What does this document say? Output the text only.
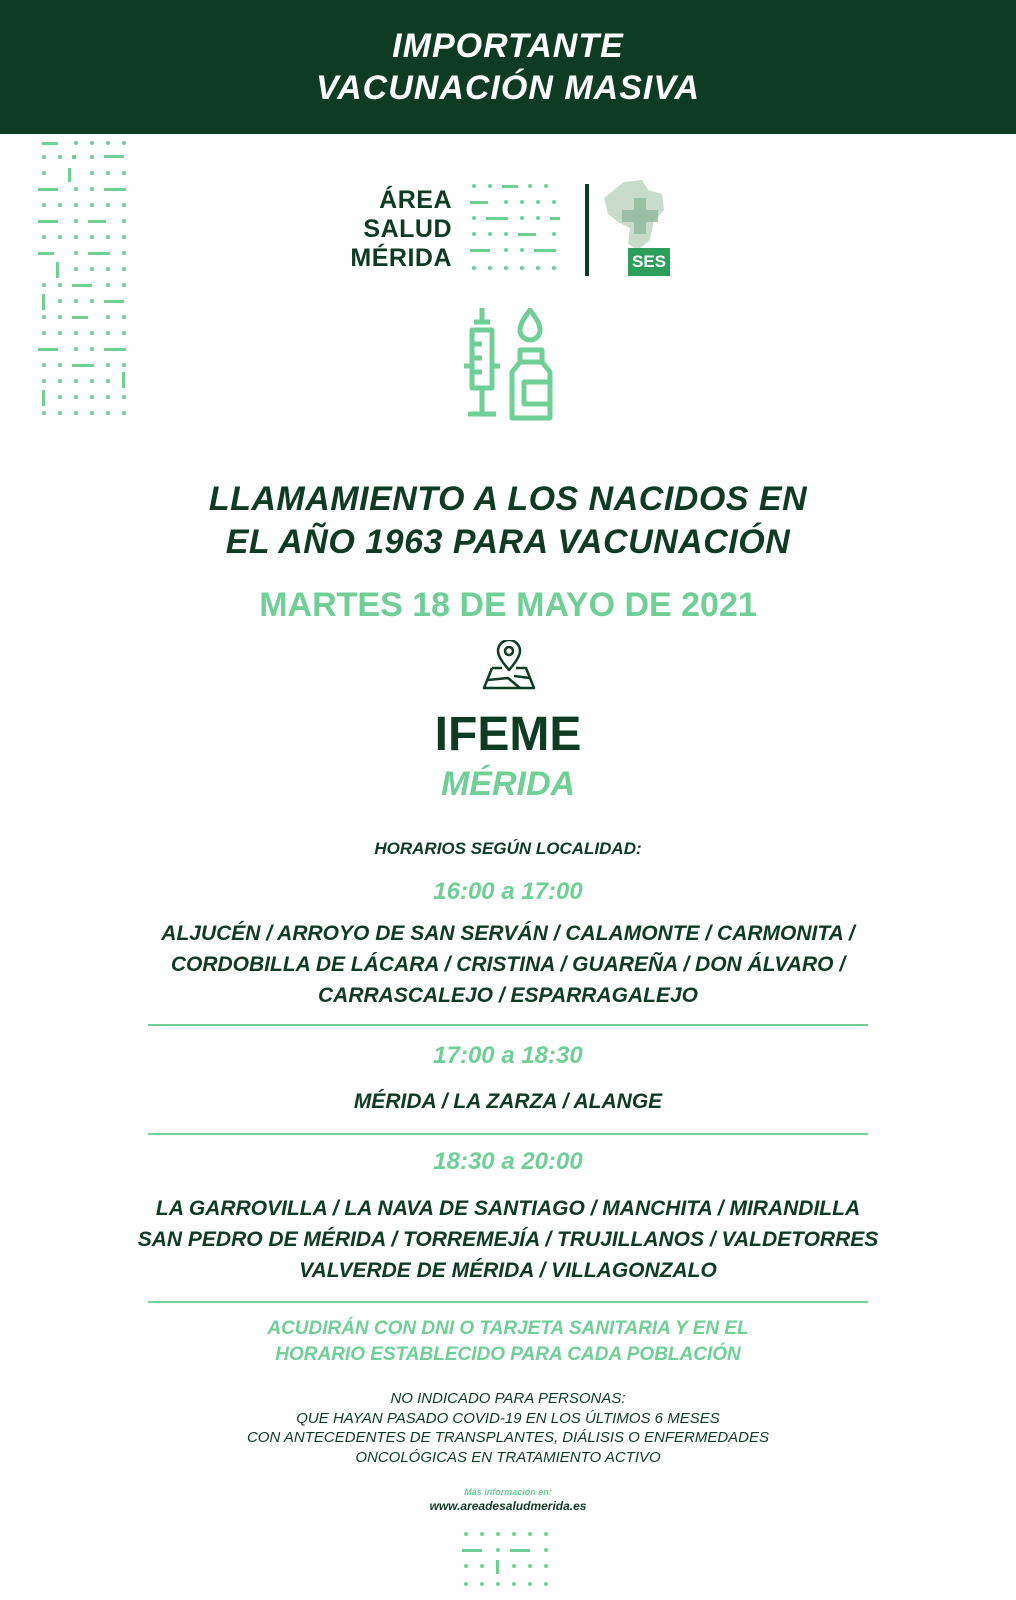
IMPORTANTE
VACUNACIÓN MASIVA
ÁREA
SALUD
MÉRIDA	SES
LLAMAMIENTO A LOS NACIDOS EN
EL AÑO 1963 PARA VACUNACIÓN
MARTES 18 DE MAYO DE 2021
IFEME
MÉRIDA
HORARIOS SEGÚN LOCALIDAD:
16:00 a 17:00
ALJUCÉN / ARROYO DE SAN SERVÁN / CALAMONTE / CARMONITA /
CORDOBILLA DE LÁCARA / CRISTINA / GUAREÑA / DON ÁLVARO /
CARRASCALEJO / ESPARRAGALEJO
17:00 a 18:30
MÉRIDA / LA ZARZA / ALANGE
18:30 a 20:00
LA GARROVILLA / LA NAVA DE SANTIAGO / MANCHITA / MIRANDILLA
SAN PEDRO DE MÉRIDA / TORREMEJÍA / TRUJILLANOS / VALDETORRES
VALVERDE DE MÉRIDA / VILLAGONZALO
ACUDIRÁN CON DNI O TARJETA SANITARIA Y EN EL
HORARIO ESTABLECIDO PARA CADA POBLACIÓN
NO INDICADO PARA PERSONAS:
QUE HAYAN PASADO COVID-19 EN LOS ÚLTIMOS 6 MESES
CON ANTECEDENTES DE TRANSPLANTES, DIÁLISIS O ENFERMEDADES
ONCOLÓGICAS EN TRATAMIENTO ACTIVO
Más información en:
www.areadesaludmerida.es
